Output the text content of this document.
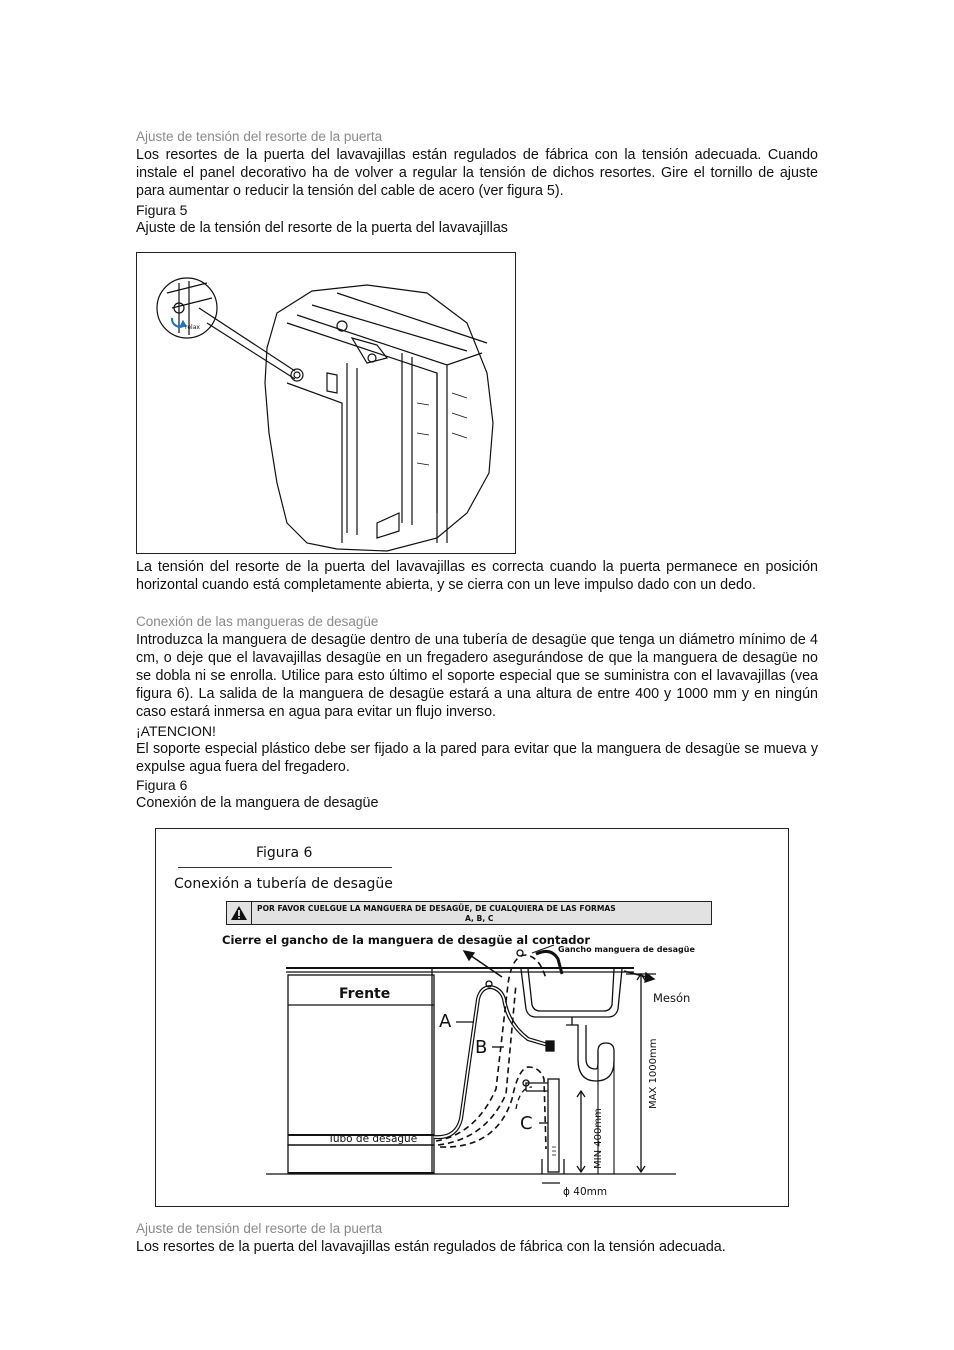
Ajuste de tensión del resorte de la puerta
Los resortes de la puerta del lavavajillas están regulados de fábrica con la tensión adecuada. Cuando instale el panel decorativo ha de volver a regular la tensión de dichos resortes. Gire el tornillo de ajuste para aumentar o reducir la tensión del cable de acero (ver figura 5).
Figura 5
Ajuste de la tensión del resorte de la puerta del lavavajillas
relax
La tensión del resorte de la puerta del lavavajillas es correcta cuando la puerta permanece en posición horizontal cuando está completamente abierta, y se cierra con un leve impulso dado con un dedo.
Conexión de las mangueras de desagüe
Introduzca la manguera de desagüe dentro de una tubería de desagüe que tenga un diámetro mínimo de 4 cm, o deje que el lavavajillas desagüe en un fregadero asegurándose de que la manguera de desagüe no se dobla ni se enrolla. Utilice para esto último el soporte especial que se suministra con el lavavajillas (vea figura 6). La salida de la manguera de desagüe estará a una altura de entre 400 y 1000 mm y en ningún caso estará inmersa en agua para evitar un flujo inverso.
¡ATENCION!
El soporte especial plástico debe ser fijado a la pared para evitar que la manguera de desagüe se mueva y expulse agua fuera del fregadero.
Figura 6
Conexión de la manguera de desagüe
Figura 6
Conexión a tubería de desagüe
POR FAVOR CUELGUE LA MANGUERA DE DESAGÜE, DE CUALQUIERA DE LAS FORMAS
A, B, C
Cierre el gancho de la manguera de desagüe al contador
Gancho manguera de desagüe
Mesón
Frente
Tubo de desagüe
A
B
C
ϕ 40mm
MIN 400mm
MAX 1000mm
Ajuste de tensión del resorte de la puerta
Los resortes de la puerta del lavavajillas están regulados de fábrica con la tensión adecuada.
